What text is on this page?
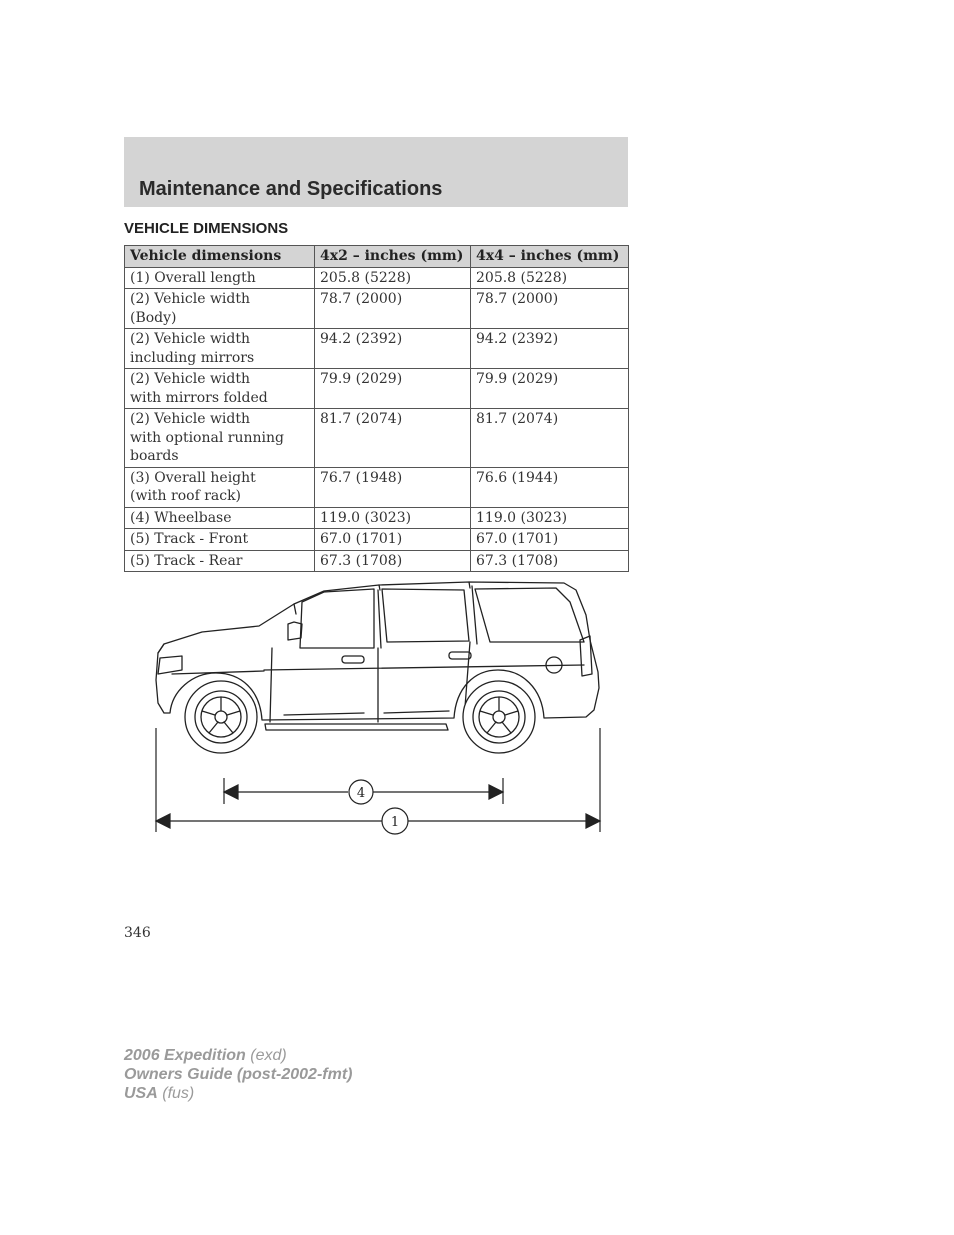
Maintenance and Specifications
VEHICLE DIMENSIONS
Vehicle dimensions	4x2 – inches (mm)	4x4 – inches (mm)
(1) Overall length	205.8 (5228)	205.8 (5228)
(2) Vehicle width
(Body)	78.7 (2000)	78.7 (2000)
(2) Vehicle width
including mirrors	94.2 (2392)	94.2 (2392)
(2) Vehicle width
with mirrors folded	79.9 (2029)	79.9 (2029)
(2) Vehicle width
with optional running
boards	81.7 (2074)	81.7 (2074)
(3) Overall height
(with roof rack)	76.7 (1948)	76.6 (1944)
(4) Wheelbase	119.0 (3023)	119.0 (3023)
(5) Track - Front	67.0 (1701)	67.0 (1701)
(5) Track - Rear	67.3 (1708)	67.3 (1708)
4
1
346
2006 Expedition (exd)
Owners Guide (post-2002-fmt)
USA (fus)
